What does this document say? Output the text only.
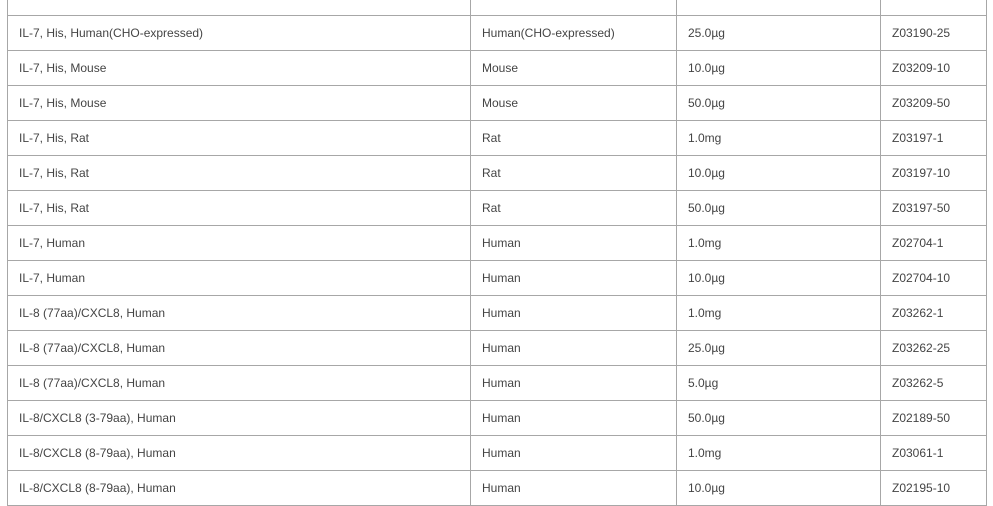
IL-7, His, Human(CHO-expressed)	Human(CHO-expressed)	25.0µg	Z03190-25
IL-7, His, Mouse	Mouse	10.0µg	Z03209-10
IL-7, His, Mouse	Mouse	50.0µg	Z03209-50
IL-7, His, Rat	Rat	1.0mg	Z03197-1
IL-7, His, Rat	Rat	10.0µg	Z03197-10
IL-7, His, Rat	Rat	50.0µg	Z03197-50
IL-7, Human	Human	1.0mg	Z02704-1
IL-7, Human	Human	10.0µg	Z02704-10
IL-8 (77aa)/CXCL8, Human	Human	1.0mg	Z03262-1
IL-8 (77aa)/CXCL8, Human	Human	25.0µg	Z03262-25
IL-8 (77aa)/CXCL8, Human	Human	5.0µg	Z03262-5
IL-8/CXCL8 (3-79aa), Human	Human	50.0µg	Z02189-50
IL-8/CXCL8 (8-79aa), Human	Human	1.0mg	Z03061-1
IL-8/CXCL8 (8-79aa), Human	Human	10.0µg	Z02195-10
